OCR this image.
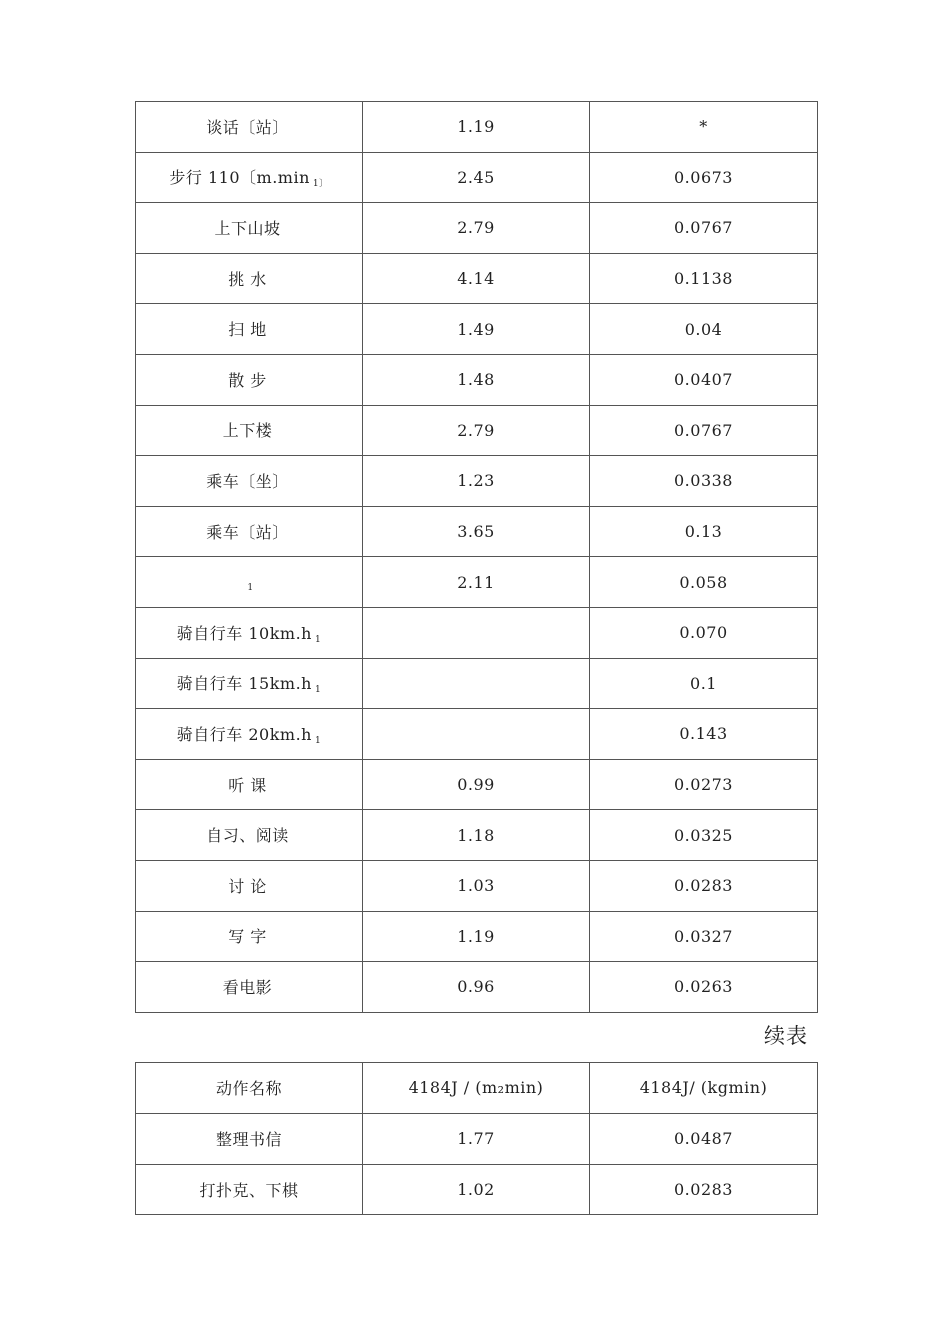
谈话〔站〕	1.19	*
步行 110〔m.min $_{1〕}$	2.45	0.0673
上下山坡	2.79	0.0767
挑 水	4.14	0.1138
扫 地	1.49	0.04
散 步	1.48	0.0407
上下楼	2.79	0.0767
乘车〔坐〕	1.23	0.0338
乘车〔站〕	3.65	0.13
$_1$	2.11	0.058
骑自行车 10km.h $_1$		0.070
骑自行车 15km.h $_1$		0.1
骑自行车 20km.h $_1$		0.143
听 课	0.99	0.0273
自习、阅读	1.18	0.0325
讨 论	1.03	0.0283
写 字	1.19	0.0327
看电影	0.96	0.0263
续表
动作名称	4184J / (m₂min)	4184J/ (kgmin)
整理书信	1.77	0.0487
打扑克、下棋	1.02	0.0283
